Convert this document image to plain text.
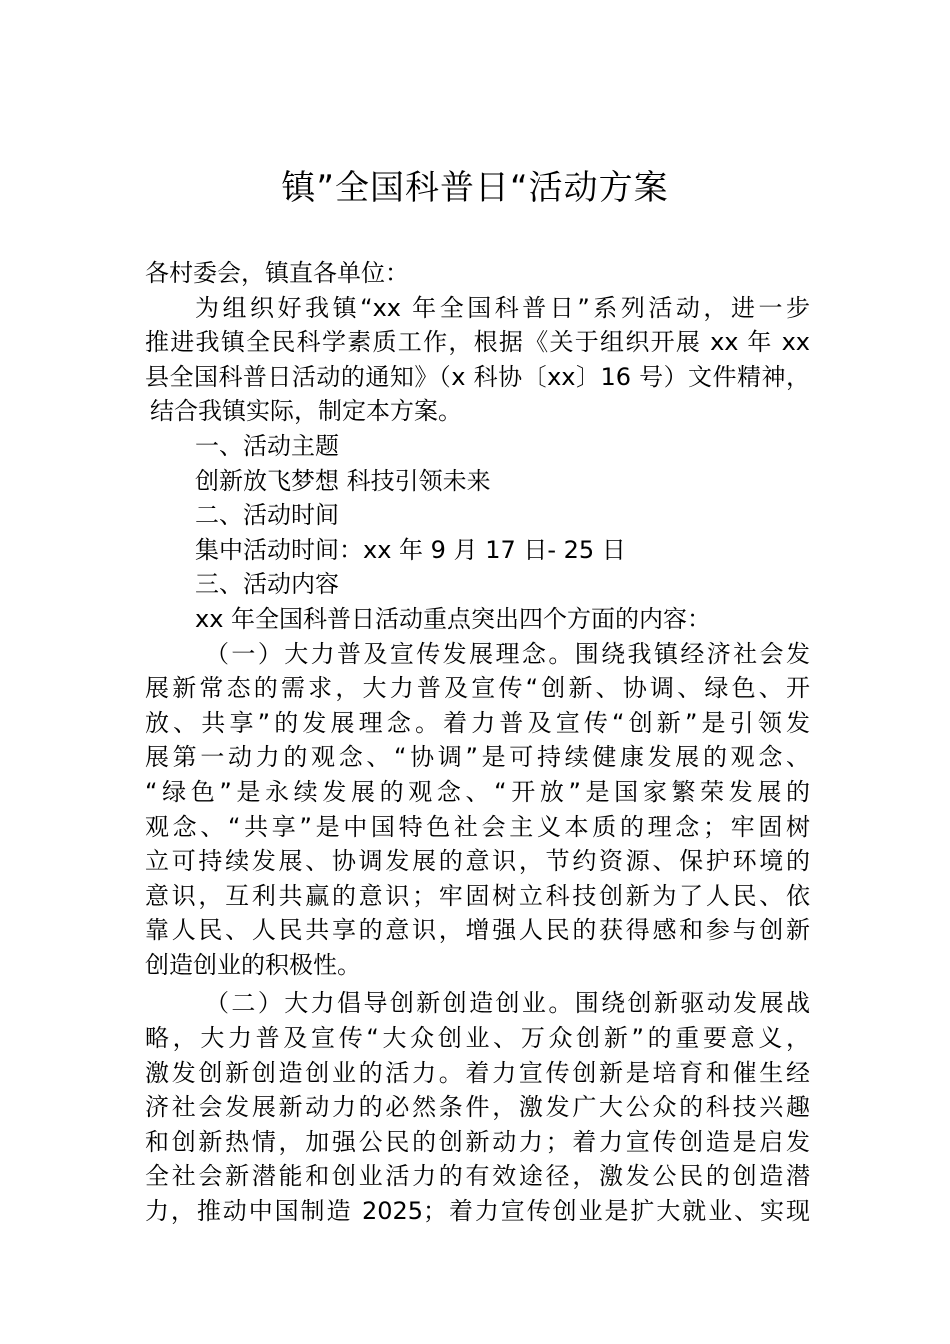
镇”全国科普日“活动方案
各村委会，镇直各单位：
为组织好我镇“xx 年全国科普日”系列活动，进一步
推进我镇全民科学素质工作，根据《关于组织开展 xx 年 xx
县全国科普日活动的通知》（x 科协〔xx〕16 号）文件精神，
结合我镇实际，制定本方案。
一、活动主题
创新放飞梦想 科技引领未来
二、活动时间
集中活动时间：xx 年 9 月 17 日- 25 日
三、活动内容
xx 年全国科普日活动重点突出四个方面的内容：
（一）大力普及宣传发展理念。围绕我镇经济社会发
展新常态的需求，大力普及宣传“创新、协调、绿色、开
放、共享”的发展理念。着力普及宣传“创新”是引领发
展第一动力的观念、“协调”是可持续健康发展的观念、
“绿色”是永续发展的观念、“开放”是国家繁荣发展的
观念、“共享”是中国特色社会主义本质的理念；牢固树
立可持续发展、协调发展的意识，节约资源、保护环境的
意识，互利共赢的意识；牢固树立科技创新为了人民、依
靠人民、人民共享的意识，增强人民的获得感和参与创新
创造创业的积极性。
（二）大力倡导创新创造创业。围绕创新驱动发展战
略，大力普及宣传“大众创业、万众创新”的重要意义，
激发创新创造创业的活力。着力宣传创新是培育和催生经
济社会发展新动力的必然条件，激发广大公众的科技兴趣
和创新热情，加强公民的创新动力；着力宣传创造是启发
全社会新潜能和创业活力的有效途径，激发公民的创造潜
力，推动中国制造 2025；着力宣传创业是扩大就业、实现
